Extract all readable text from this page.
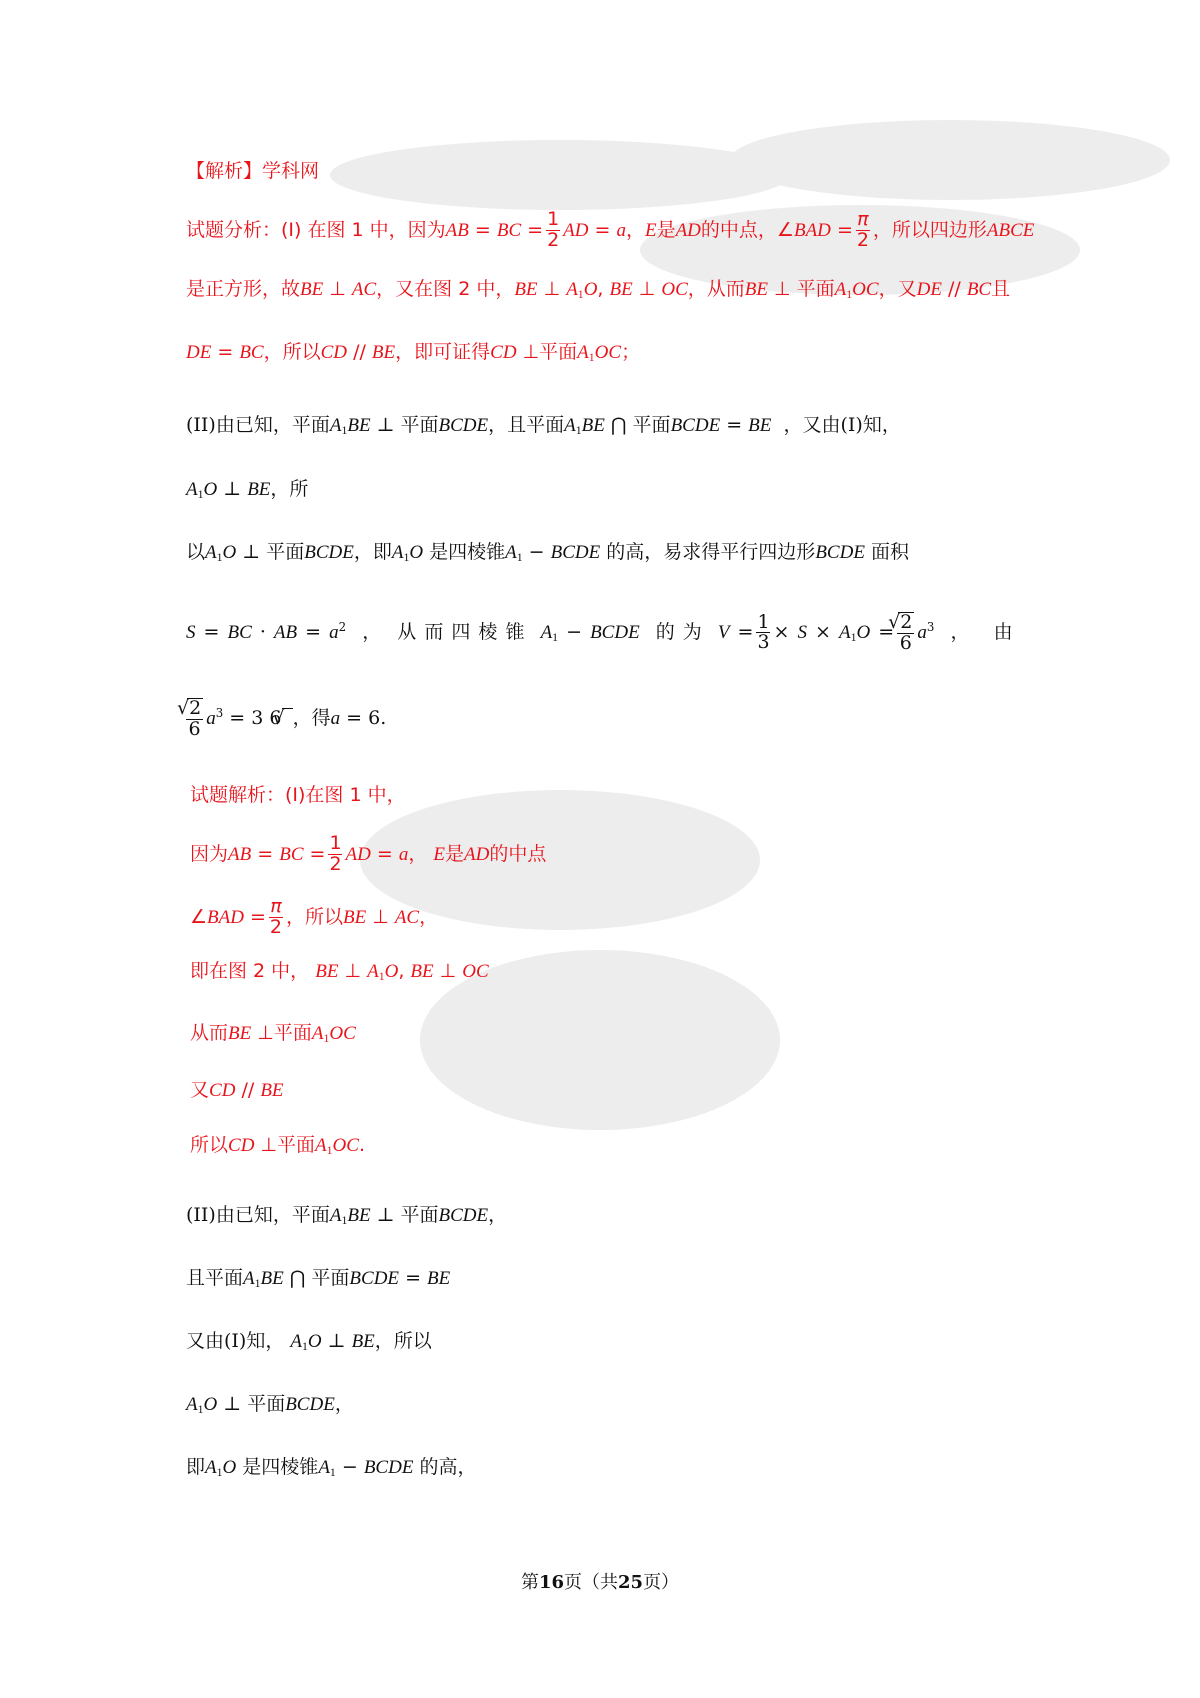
【解析】学科网
试题分析：(I) 在图 1 中，因为AB = BC = $\frac{1}{2}$ AD = a，E是AD的中点，∠BAD = $\frac{\pi}{2}$ ，所以四边形ABCE
是正方形，故BE ⊥ AC，又在图 2 中，BE ⊥ A1O, BE ⊥ OC，从而BE ⊥ 平面A1OC，又DE // BC且
DE = BC，所以CD // BE，即可证得CD ⊥平面A1OC；
(II)由已知，平面A1BE ⊥ 平面BCDE，且平面A1BE ⋂ 平面BCDE = BE ，又由(I)知，
A1O ⊥ BE，所
以A1O ⊥ 平面BCDE，即A1O 是四棱锥A1 − BCDE 的高，易求得平行四边形BCDE 面积
S = BC · AB = $a^2$  ，  从 而 四 棱 锥 A1 − BCDE 的 为 $V = \frac{1}{3} \times S \times A1O$ = √ $\frac{2}{6} a^3$  ，   由
√ $\frac{2}{6} a^3 = 3$ 6 √ ，得a = 6.
试题解析：(I)在图 1 中，
因为AB = BC = $\frac{1}{2}$ AD = a， E是AD的中点
∠BAD = $\frac{\pi}{2}$ ，所以BE ⊥ AC，
即在图 2 中， BE ⊥ A1O, BE ⊥ OC
从而BE ⊥平面A1OC
又CD // BE
所以CD ⊥平面A1OC.
(II)由已知，平面A1BE ⊥ 平面BCDE，
且平面A1BE ⋂ 平面BCDE = BE
又由(I)知， A1O ⊥ BE，所以
A1O ⊥ 平面BCDE，
即A1O 是四棱锥A1 − BCDE 的高，
第16页（共25页）
